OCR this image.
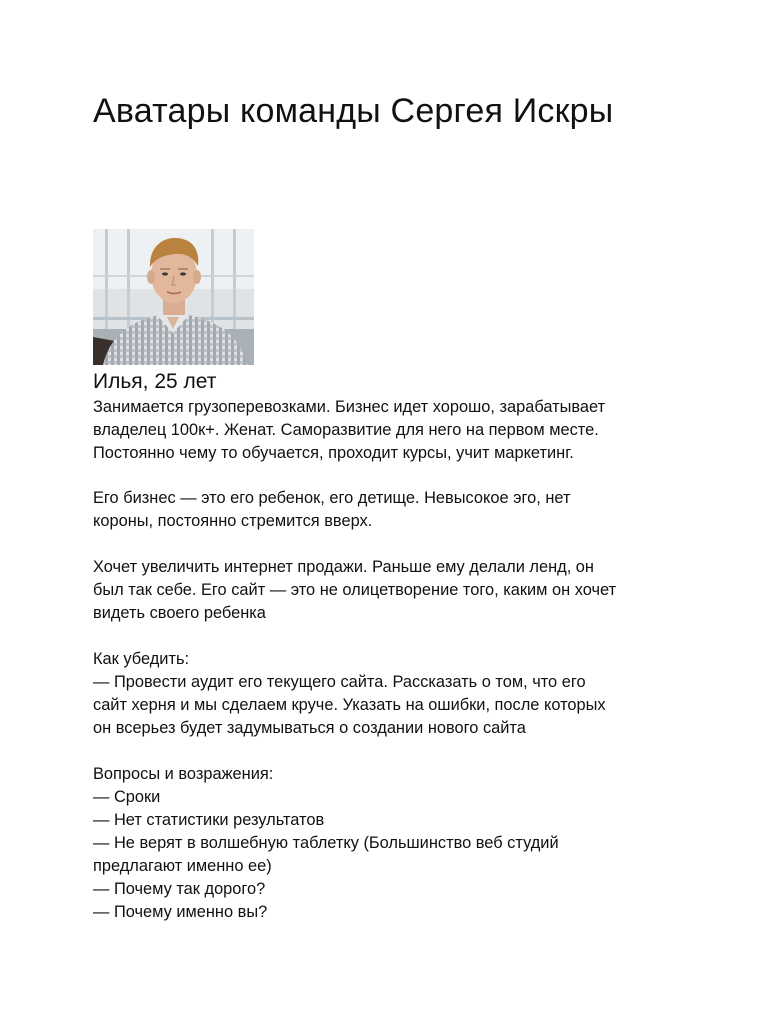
Аватары команды Сергея Искры
Илья, 25 лет

Занимается грузоперевозками. Бизнес идет хорошо, зарабатывает
владелец 100к+. Женат. Саморазвитие для него на первом месте.
Постоянно чему то обучается, проходит курсы, учит маркетинг.

Его бизнес — это его ребенок, его детище. Невысокое эго, нет
короны, постоянно стремится вверх.

Хочет увеличить интернет продажи. Раньше ему делали ленд, он
был так себе. Его сайт — это не олицетворение того, каким он хочет
видеть своего ребенка

Как убедить:
— Провести аудит его текущего сайта. Рассказать о том, что его
сайт херня и мы сделаем круче. Указать на ошибки, после которых
он всерьез будет задумываться о создании нового сайта

Вопросы и возражения:
— Сроки
— Нет статистики результатов
— Не верят в волшебную таблетку (Большинство веб студий
предлагают именно ее)
— Почему так дорого?
— Почему именно вы?
